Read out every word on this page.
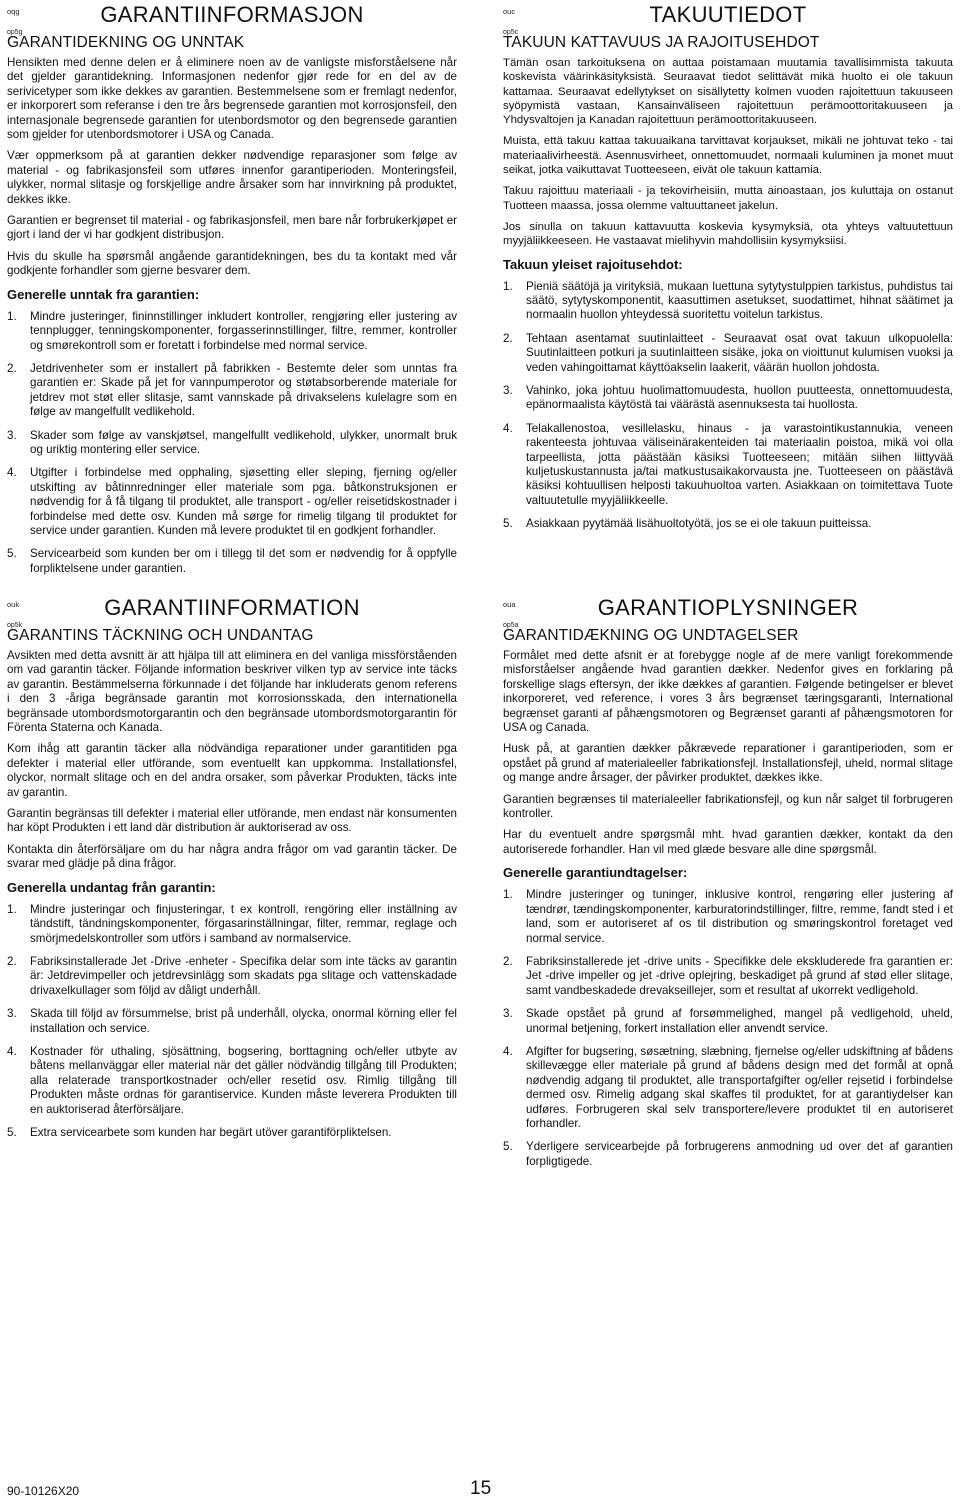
oqg	GARANTIINFORMASJON
op5g
GARANTIDEKNING OG UNNTAK

Hensikten med denne delen er å eliminere noen av de vanligste misforståelsene når det gjelder garantidekning. Informasjonen nedenfor gjør rede for en del av de serivicetyper som ikke dekkes av garantien. Bestemmelsene som er fremlagt nedenfor, er inkorporert som referanse i den tre års begrensede garantien mot korrosjonsfeil, den internasjonale begrensede garantien for utenbordsmotor og den begrensede garantien som gjelder for utenbordsmotorer i USA og Canada.

Vær oppmerksom på at garantien dekker nødvendige reparasjoner som følge av material - og fabrikasjonsfeil som utføres innenfor garantiperioden. Monteringsfeil, ulykker, normal slitasje og forskjellige andre årsaker som har innvirkning på produktet, dekkes ikke.

Garantien er begrenset til material - og fabrikasjonsfeil, men bare når forbrukerkjøpet er gjort i land der vi har godkjent distribusjon.

Hvis du skulle ha spørsmål angående garantidekningen, bes du ta kontakt med vår godkjente forhandler som gjerne besvarer dem.

Generelle unntak fra garantien:
1.	Mindre justeringer, fininnstillinger inkludert kontroller, rengjøring eller justering av tennplugger, tenningskomponenter, forgasserinnstillinger, filtre, remmer, kontroller og smørekontroll som er foretatt i forbindelse med normal service.
2.	Jetdrivenheter som er installert på fabrikken - Bestemte deler som unntas fra garantien er: Skade på jet for vannpumperotor og støtabsorberende materiale for jetdrev mot støt eller slitasje, samt vannskade på drivakselens kulelagre som en følge av mangelfullt vedlikehold.
3.	Skader som følge av vanskjøtsel, mangelfullt vedlikehold, ulykker, unormalt bruk og uriktig montering eller service.
4.	Utgifter i forbindelse med opphaling, sjøsetting eller sleping, fjerning og/eller utskifting av båtinnredninger eller materiale som pga. båtkonstruksjonen er nødvendig for å få tilgang til produktet, alle transport - og/eller reisetidskostnader i forbindelse med dette osv. Kunden må sørge for rimelig tilgang til produktet for service under garantien. Kunden må levere produktet til en godkjent forhandler.
5.	Servicearbeid som kunden ber om i tillegg til det som er nødvendig for å oppfylle forpliktelsene under garantien.
ouc	TAKUUTIEDOT
op5c
TAKUUN KATTAVUUS JA RAJOITUSEHDOT

Tämän osan tarkoituksena on auttaa poistamaan muutamia tavallisimmista takuuta koskevista väärinkäsityksistä. Seuraavat tiedot selittävät mikä huolto ei ole takuun kattamaa. Seuraavat edellytykset on sisällytetty kolmen vuoden rajoitettuun takuuseen syöpymistä vastaan, Kansainväliseen rajoitettuun perämoottoritakuuseen ja Yhdysvaltojen ja Kanadan rajoitettuun perämoottoritakuuseen.

Muista, että takuu kattaa takuuaikana tarvittavat korjaukset, mikäli ne johtuvat teko - tai materiaalivirheestä. Asennusvirheet, onnettomuudet, normaali kuluminen ja monet muut seikat, jotka vaikuttavat Tuotteeseen, eivät ole takuun kattamia.

Takuu rajoittuu materiaali - ja tekovirheisiin, mutta ainoastaan, jos kuluttaja on ostanut Tuotteen maassa, jossa olemme valtuuttaneet jakelun.

Jos sinulla on takuun kattavuutta koskevia kysymyksiä, ota yhteys valtuutettuun myyjäliikkeeseen. He vastaavat mielihyvin mahdollisiin kysymyksiisi.

Takuun yleiset rajoitusehdot:
1.	Pieniä säätöjä ja virityksiä, mukaan luettuna sytytystulppien tarkistus, puhdistus tai säätö, sytytyskomponentit, kaasuttimen asetukset, suodattimet, hihnat säätimet ja normaalin huollon yhteydessä suoritettu voitelun tarkistus.
2.	Tehtaan asentamat suutinlaitteet - Seuraavat osat ovat takuun ulkopuolella: Suutinlaitteen potkuri ja suutinlaitteen sisäke, joka on vioittunut kulumisen vuoksi ja veden vahingoittamat käyttöakselin laakerit, väärän huollon johdosta.
3.	Vahinko, joka johtuu huolimattomuudesta, huollon puutteesta, onnettomuudesta, epänormaalista käytöstä tai väärästä asennuksesta tai huollosta.
4.	Telakallenostoa, vesillelasku, hinaus - ja varastointikustannukia, veneen rakenteesta johtuvaa väliseinärakenteiden tai materiaalin poistoa, mikä voi olla tarpeellista, jotta päästään käsiksi Tuotteeseen; mitään siihen liittyvää kuljetuskustannusta ja/tai matkustusaikakorvausta jne. Tuotteeseen on päästävä käsiksi kohtuullisen helposti takuuhuoltoa varten. Asiakkaan on toimitettava Tuote valtuutetulle myyjäliikkeelle.
5.	Asiakkaan pyytämää lisähuoltotyötä, jos se ei ole takuun puitteissa.
ouk	GARANTIINFORMATION
op5k
GARANTINS TÄCKNING OCH UNDANTAG

Avsikten med detta avsnitt är att hjälpa till att eliminera en del vanliga missförståenden om vad garantin täcker. Följande information beskriver vilken typ av service inte täcks av garantin. Bestämmelserna förkunnade i det följande har inkluderats genom referens i den 3 -åriga begränsade garantin mot korrosionsskada, den internationella begränsade utombordsmotorgarantin och den begränsade utombordsmotorgarantin för Förenta Staterna och Kanada.

Kom ihåg att garantin täcker alla nödvändiga reparationer under garantitiden pga defekter i material eller utförande, som eventuellt kan uppkomma. Installationsfel, olyckor, normalt slitage och en del andra orsaker, som påverkar Produkten, täcks inte av garantin.

Garantin begränsas till defekter i material eller utförande, men endast när konsumenten har köpt Produkten i ett land där distribution är auktoriserad av oss.

Kontakta din återförsäljare om du har några andra frågor om vad garantin täcker. De svarar med glädje på dina frågor.

Generella undantag från garantin:
1.	Mindre justeringar och finjusteringar, t ex kontroll, rengöring eller inställning av tändstift, tändningskomponenter, förgasarinställningar, filter, remmar, reglage och smörjmedelskontroller som utförs i samband av normalservice.
2.	Fabriksinstallerade Jet -Drive -enheter - Specifika delar som inte täcks av garantin är: Jetdrevimpeller och jetdrevsinlägg som skadats pga slitage och vattenskadade drivaxelkullager som följd av dåligt underhåll.
3.	Skada till följd av försummelse, brist på underhåll, olycka, onormal körning eller fel installation och service.
4.	Kostnader för uthaling, sjösättning, bogsering, borttagning och/eller utbyte av båtens mellanväggar eller material när det gäller nödvändig tillgång till Produkten; alla relaterade transportkostnader och/eller resetid osv. Rimlig tillgång till Produkten måste ordnas för garantiservice. Kunden måste leverera Produkten till en auktoriserad återförsäljare.
5.	Extra servicearbete som kunden har begärt utöver garantiförpliktelsen.
oua	GARANTIOPLYSNINGER
op5a
GARANTIDÆKNING OG UNDTAGELSER

Formålet med dette afsnit er at forebygge nogle af de mere vanligt forekommende misforståelser angående hvad garantien dækker. Nedenfor gives en forklaring på forskellige slags eftersyn, der ikke dækkes af garantien. Følgende betingelser er blevet inkorporeret, ved reference, i vores 3 års begrænset tæringsgaranti, International begrænset garanti af påhængsmotoren og Begrænset garanti af påhængsmotoren for USA og Canada.

Husk på, at garantien dækker påkrævede reparationer i garantiperioden, som er opstået på grund af materialeeller fabrikationsfejl. Installationsfejl, uheld, normal slitage og mange andre årsager, der påvirker produktet, dækkes ikke.

Garantien begrænses til materialeeller fabrikationsfejl, og kun når salget til forbrugeren kontroller.

Har du eventuelt andre spørgsmål mht. hvad garantien dækker, kontakt da den autoriserede forhandler. Han vil med glæde besvare alle dine spørgsmål.

Generelle garantiundtagelser:
1.	Mindre justeringer og tuninger, inklusive kontrol, rengøring eller justering af tændrør, tændingskomponenter, karburatorindstillinger, filtre, remme, fandt sted i et land, som er autoriseret af os til distribution og smøringskontrol foretaget ved normal service.
2.	Fabriksinstallerede jet -drive units - Specifikke dele ekskluderede fra garantien er: Jet -drive impeller og jet -drive oplejring, beskadiget på grund af stød eller slitage, samt vandbeskadede drevakseillejer, som et resultat af ukorrekt vedligehold.
3.	Skade opstået på grund af forsømmelighed, mangel på vedligehold, uheld, unormal betjening, forkert installation eller anvendt service.
4.	Afgifter for bugsering, søsætning, slæbning, fjernelse og/eller udskiftning af bådens skillevægge eller materiale på grund af bådens design med det formål at opnå nødvendig adgang til produktet, alle transportafgifter og/eller rejsetid i forbindelse dermed osv. Rimelig adgang skal skaffes til produktet, for at garantiydelser kan udføres. Forbrugeren skal selv transportere/levere produktet til en autoriseret forhandler.
5.	Yderligere servicearbejde på forbrugerens anmodning ud over det af garantien forpligtigede.
90-10126X20	15
